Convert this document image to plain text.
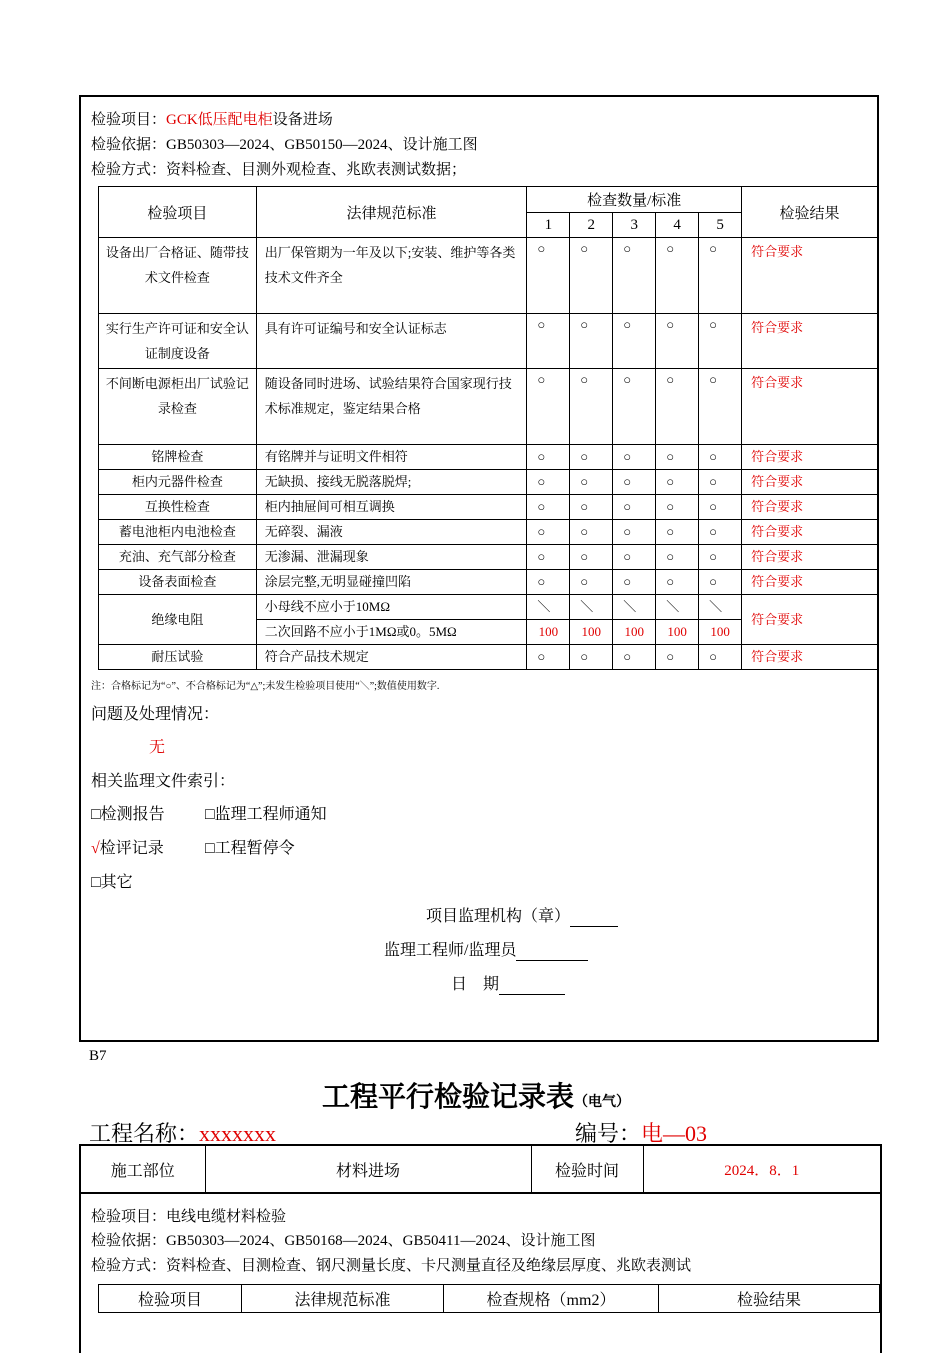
检验项目：GCK低压配电柜设备进场
检验依据：GB50303—2024、GB50150—2024、设计施工图
检验方式：资料检查、目测外观检查、兆欧表测试数据；
检验项目	法律规范标准	检查数量/标准					检验结果
		1	2	3	4	5	
设备出厂合格证、随带技术文件检查	出厂保管期为一年及以下;安装、维护等各类技术文件齐全	○	○	○	○	○	符合要求
实行生产许可证和安全认证制度设备	具有许可证编号和安全认证标志	○	○	○	○	○	符合要求
不间断电源柜出厂试验记录检查	随设备同时进场、试验结果符合国家现行技术标准规定，鉴定结果合格	○	○	○	○	○	符合要求
铭牌检查	有铭牌并与证明文件相符	○	○	○	○	○	符合要求
柜内元器件检查	无缺损、接线无脱落脱焊;	○	○	○	○	○	符合要求
互换性检查	柜内抽屉间可相互调换	○	○	○	○	○	符合要求
蓄电池柜内电池检查	无碎裂、漏液	○	○	○	○	○	符合要求
充油、充气部分检查	无渗漏、泄漏现象	○	○	○	○	○	符合要求
设备表面检查	涂层完整,无明显碰撞凹陷	○	○	○	○	○	符合要求
绝缘电阻	小母线不应小于10MΩ	＼	＼	＼	＼	＼	符合要求
	二次回路不应小于1MΩ或0。5MΩ	100	100	100	100	100	
耐压试验	符合产品技术规定	○	○	○	○	○	符合要求
注：合格标记为“○”、不合格标记为“△”;未发生检验项目使用“＼”;数值使用数字.
问题及处理情况：
无
相关监理文件索引：
□检测报告	□监理工程师通知
√检评记录	□工程暂停令
□其它
项目监理机构（章）
监理工程师/监理员
日　期
B7
工程平行检验记录表（电气）
工程名称：xxxxxxx	编号：电—03
施工部位	材料进场	检验时间	2024．8．1
检验项目：电线电缆材料检验
检验依据：GB50303—2024、GB50168—2024、GB50411—2024、设计施工图
检验方式：资料检查、目测检查、钢尺测量长度、卡尺测量直径及绝缘层厚度、兆欧表测试
检验项目	法律规范标准	检查规格（mm2）	检验结果
